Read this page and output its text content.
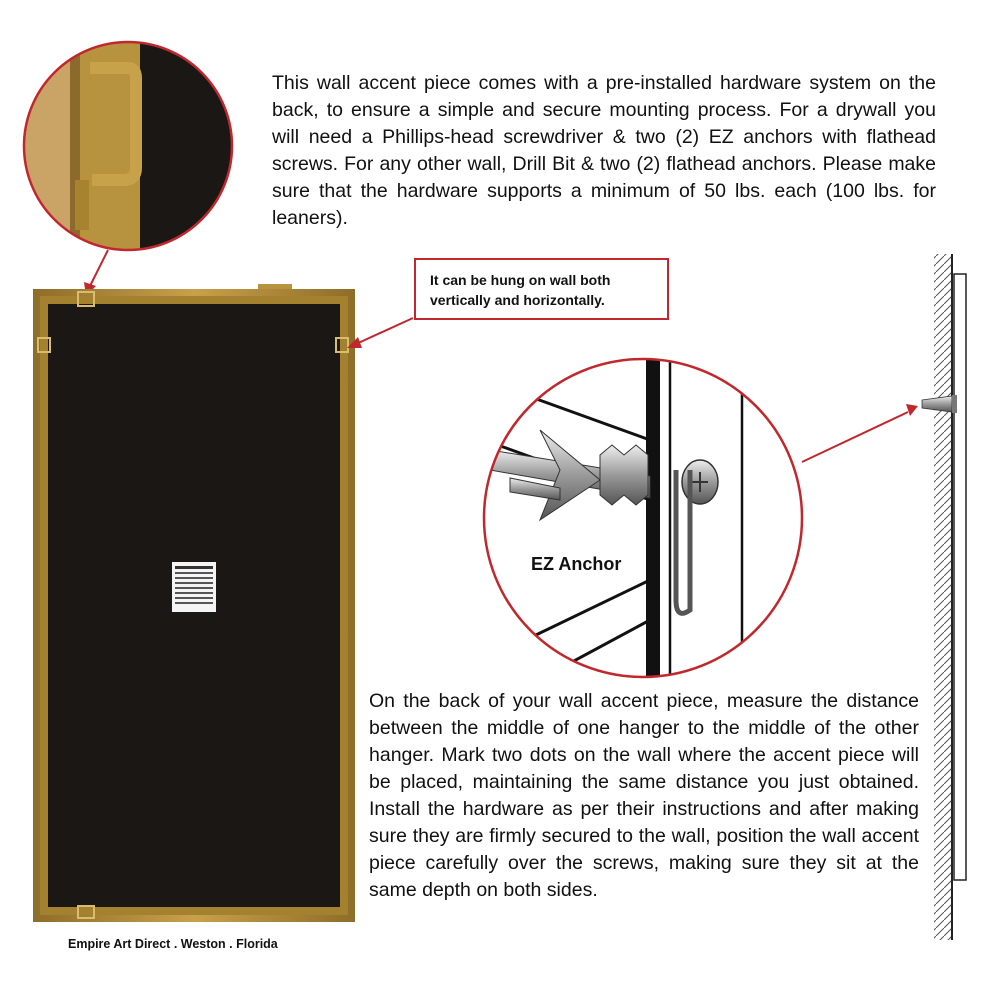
This wall accent piece comes with a pre-installed hardware system on the back, to ensure a simple and secure mounting process. For a drywall you will need a Phillips-head screwdriver & two (2) EZ anchors with flathead screws. For any other wall, Drill Bit & two (2) flathead anchors. Please make sure that the hardware supports a minimum of 50 lbs. each (100 lbs. for leaners).
It can be hung on wall both vertically and horizontally.
EZ Anchor
On the back of your wall accent piece, measure the distance between the middle of one hanger to the middle of the other hanger. Mark two dots on the wall where the accent piece will be placed, maintaining the same distance you just obtained. Install the hardware as per their instructions and after making sure they are firmly secured to the wall, position the wall accent piece carefully over the screws, making sure they sit at the same depth on both sides.
Empire Art Direct . Weston . Florida
